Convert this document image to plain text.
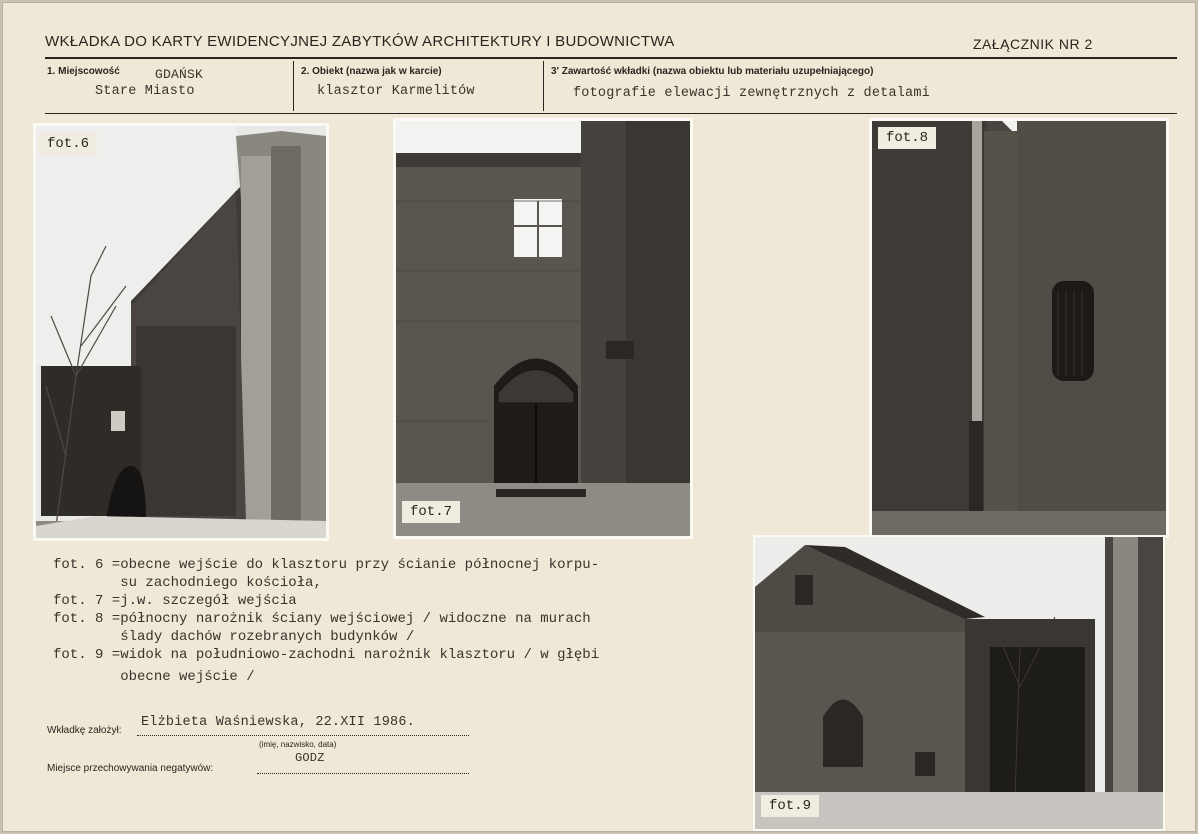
WKŁADKA DO KARTY EWIDENCYJNEJ ZABYTKÓW ARCHITEKTURY I BUDOWNICTWA	ZAŁĄCZNIK NR 2
1. Miejscowość	GDAŃSK
Stare Miasto
2. Obiekt (nazwa jak w karcie)
klasztor Karmelitów
3' Zawartość wkładki (nazwa obiektu lub materiału uzupełniającego)
fotografie elewacji zewnętrznych z detalami
fot.6
fot.7
fot.8
fot.9
fot. 6 =obecne wejście do klasztoru przy ścianie północnej korpu-
su zachodniego kościoła,
fot. 7 =j.w. szczegół wejścia
fot. 8 =północny narożnik ściany wejściowej / widoczne na murach
ślady dachów rozebranych budynków /
fot. 9 =widok na południowo-zachodni narożnik klasztoru / w głębi
obecne wejście /
Wkładkę założył:
Elżbieta Waśniewska, 22.XII 1986.
(imię, nazwisko, data)
Miejsce przechowywania negatywów:
GODZ
